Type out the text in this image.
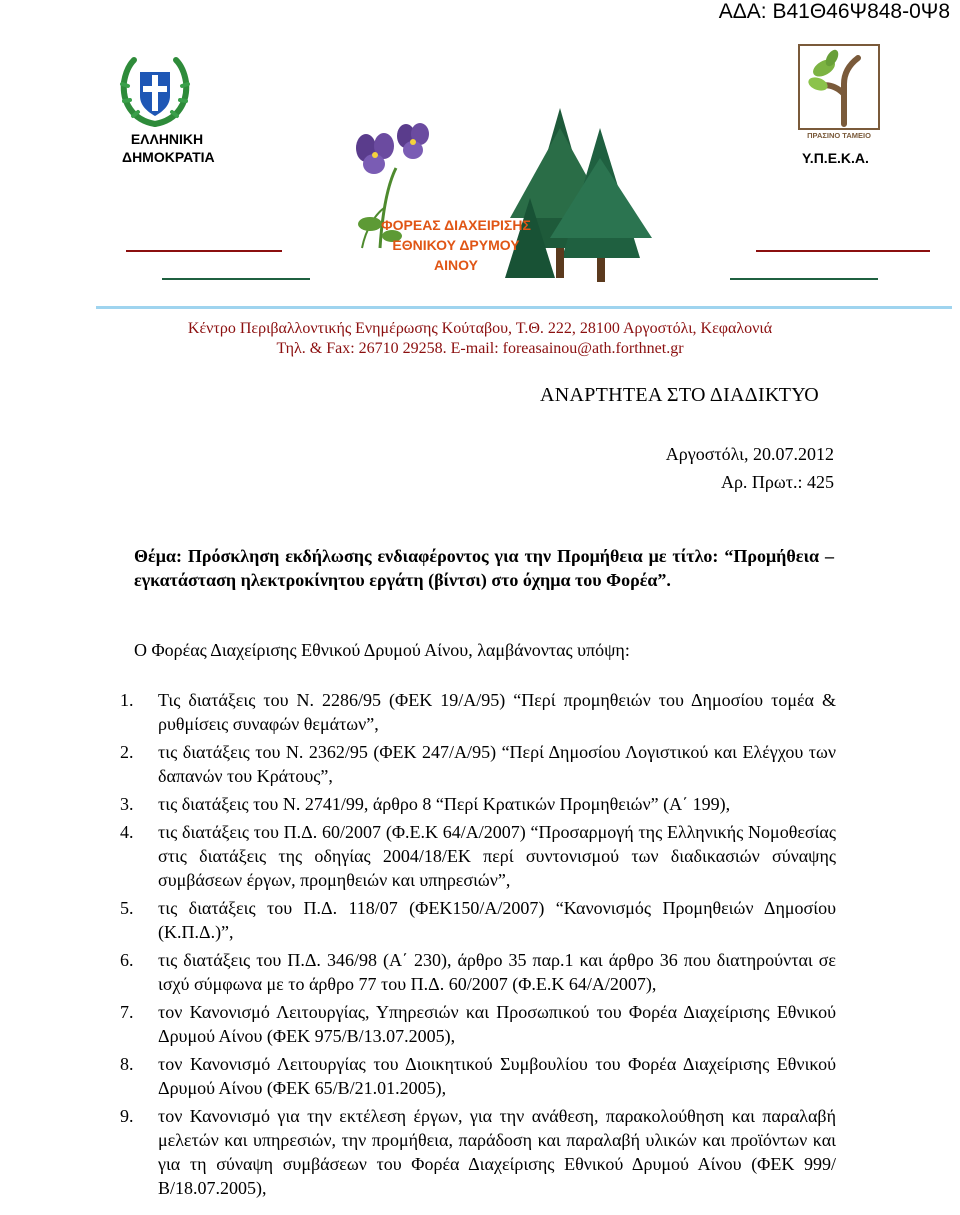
ΑΔΑ: Β41Θ46Ψ848-0Ψ8
ΕΛΛΗΝΙΚΗ
ΔΗΜΟΚΡΑΤΙΑ
ΦΟΡΕΑΣ ΔΙΑΧΕΙΡΙΣΗΣ
ΕΘΝΙΚΟΥ ΔΡΥΜΟΥ
ΑΙΝΟΥ
ΠΡΑΣΙΝΟ ΤΑΜΕΙΟ
Υ.Π.Ε.Κ.Α.
Κέντρο Περιβαλλοντικής Ενημέρωσης Κούταβου, Τ.Θ. 222, 28100 Αργοστόλι, Κεφαλονιά
Τηλ. & Fax: 26710 29258. E-mail: foreasainou@ath.forthnet.gr
ΑΝΑΡΤΗΤΕΑ ΣΤΟ ΔΙΑΔΙΚΤΥΟ
Αργοστόλι, 20.07.2012
Αρ. Πρωτ.: 425
Θέμα: Πρόσκληση εκδήλωσης ενδιαφέροντος για την Προμήθεια με τίτλο: “Προμήθεια – εγκατάσταση ηλεκτροκίνητου εργάτη (βίντσι) στο όχημα του Φορέα”.
Ο Φορέας Διαχείρισης Εθνικού Δρυμού Αίνου, λαμβάνοντας υπόψη:
1. Τις διατάξεις του Ν. 2286/95 (ΦΕΚ 19/Α/95) “Περί προμηθειών του Δημοσίου τομέα & ρυθμίσεις συναφών θεμάτων”,
2. τις διατάξεις του Ν. 2362/95 (ΦΕΚ 247/Α/95) “Περί Δημοσίου Λογιστικού και Ελέγχου των δαπανών του Κράτους”,
3. τις διατάξεις του Ν. 2741/99, άρθρο 8 “Περί Κρατικών Προμηθειών” (Α΄ 199),
4. τις διατάξεις του Π.Δ. 60/2007 (Φ.Ε.Κ 64/Α/2007) “Προσαρμογή της Ελληνικής Νομοθεσίας στις διατάξεις της οδηγίας 2004/18/ΕΚ περί συντονισμού των διαδικασιών σύναψης συμβάσεων έργων, προμηθειών και υπηρεσιών”,
5. τις διατάξεις του Π.Δ. 118/07 (ΦΕΚ150/Α/2007) “Κανονισμός Προμηθειών Δημοσίου (Κ.Π.Δ.)”,
6. τις διατάξεις του Π.Δ. 346/98 (Α΄ 230), άρθρο 35 παρ.1 και άρθρο 36 που διατηρούνται σε ισχύ σύμφωνα με το άρθρο 77 του Π.Δ. 60/2007 (Φ.Ε.Κ 64/Α/2007),
7. τον Κανονισμό Λειτουργίας, Υπηρεσιών και Προσωπικού του Φορέα Διαχείρισης Εθνικού Δρυμού Αίνου (ΦΕΚ 975/Β/13.07.2005),
8. τον Κανονισμό Λειτουργίας του Διοικητικού Συμβουλίου του Φορέα Διαχείρισης Εθνικού Δρυμού Αίνου (ΦΕΚ 65/Β/21.01.2005),
9. τον Κανονισμό για την εκτέλεση έργων, για την ανάθεση, παρακολούθηση και παραλαβή μελετών και υπηρεσιών, την προμήθεια, παράδοση και παραλαβή υλικών και προϊόντων και για τη σύναψη συμβάσεων του Φορέα Διαχείρισης Εθνικού Δρυμού Αίνου (ΦΕΚ 999/Β/18.07.2005),
